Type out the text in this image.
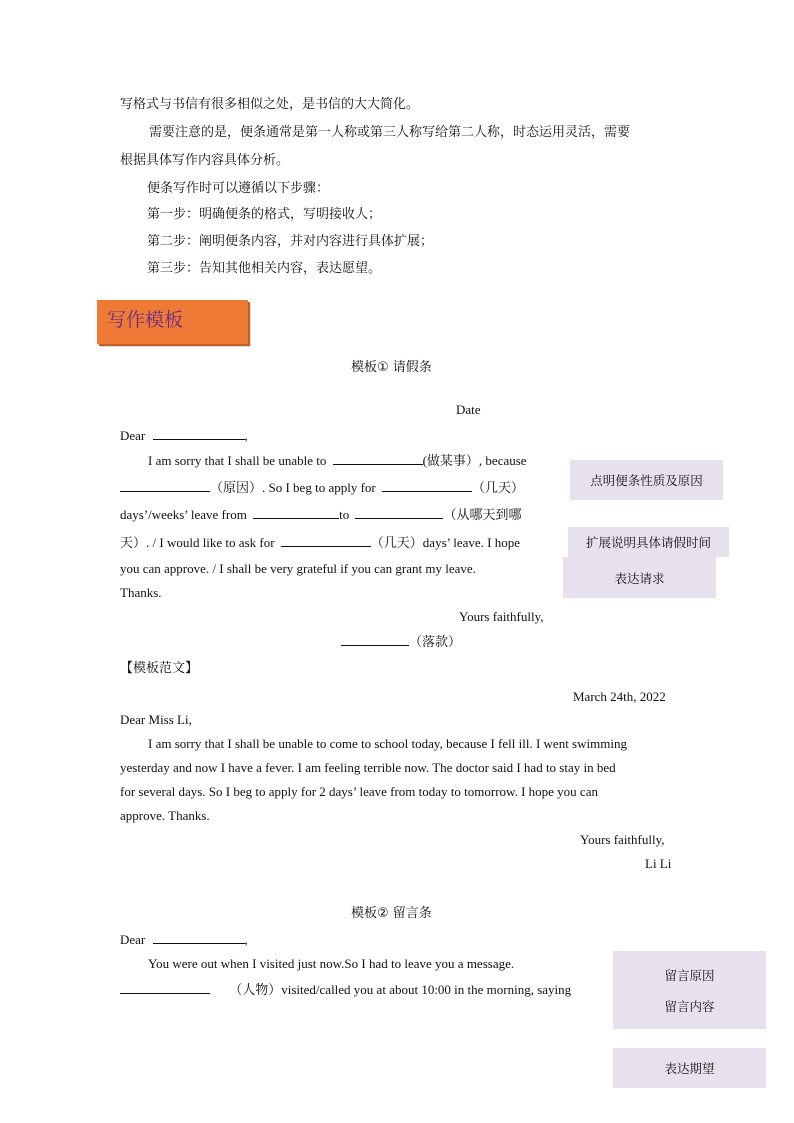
写格式与书信有很多相似之处，是书信的大大简化。
需要注意的是，便条通常是第一人称或第三人称写给第二人称，时态运用灵活，需要
根据具体写作内容具体分析。
便条写作时可以遵循以下步骤：
第一步：明确便条的格式，写明接收人；
第二步：阐明便条内容，并对内容进行具体扩展；
第三步：告知其他相关内容，表达愿望。
写作模板
模板① 请假条
Date
Dear	,
I am sorry that I shall be unable to	(做某事）, because
（原因）. So I beg to apply for	（几天）
days’/weeks’ leave from	to	（从哪天到哪
天）. / I would like to ask for	（几天）days’ leave. I hope
you can approve. / I shall be very grateful if you can grant my leave.
Thanks.
Yours faithfully,
（落款）
点明便条性质及原因
扩展说明具体请假时间
表达请求
【模板范文】
March 24th, 2022
Dear Miss Li,
I am sorry that I shall be unable to come to school today, because I fell ill. I went swimming
yesterday and now I have a fever. I am feeling terrible now. The doctor said I had to stay in bed
for several days. So I beg to apply for 2 days’ leave from today to tomorrow. I hope you can
approve. Thanks.
Yours faithfully,
Li Li
模板② 留言条
Dear	,
You were out when I visited just now.So I had to leave you a message.
（人物）visited/called you at about 10:00 in the morning, saying
留言原因
留言内容
表达期望
